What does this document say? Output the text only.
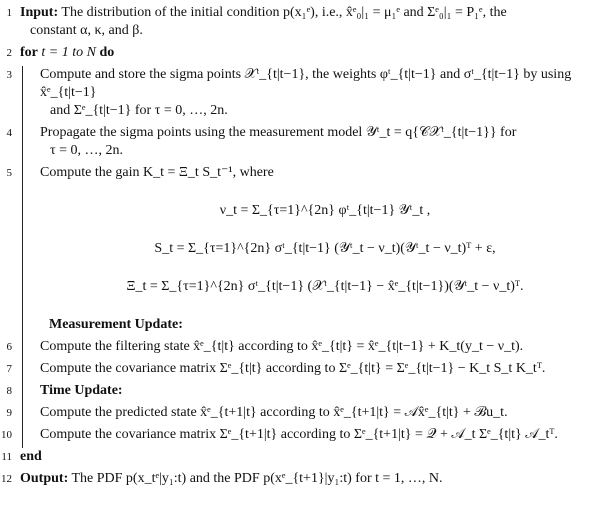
1 Input: The distribution of the initial condition p(x₁ᵉ), i.e., x̂ᵉ₀|₁ = μ₁ᵉ and Σᵉ₀|₁ = P₁ᵉ, the
constant α, κ, and β.
2 for t = 1 to N do
3	Compute and store the sigma points 𝒳ᵗ_{t|t−1}, the weights φᵗ_{t|t−1} and σᵗ_{t|t−1} by using x̂ᵉ_{t|t−1}
and Σᵉ_{t|t−1} for τ = 0, …, 2n.
4	Propagate the sigma points using the measurement model 𝒴ᵗ_t = q{𝒞𝒳ᵗ_{t|t−1}} for
τ = 0, …, 2n.
5	Compute the gain K_t = Ξ_t S_t⁻¹, where
ν_t = Σ_{τ=1}^{2n} φᵗ_{t|t−1} 𝒴ᵗ_t ,
S_t = Σ_{τ=1}^{2n} σᵗ_{t|t−1} (𝒴ᵗ_t − ν_t)(𝒴ᵗ_t − ν_t)ᵀ + ε,
Ξ_t = Σ_{τ=1}^{2n} σᵗ_{t|t−1} (𝒳ᵗ_{t|t−1} − x̂ᵉ_{t|t−1})(𝒴ᵗ_t − ν_t)ᵀ.
Measurement Update:
6	Compute the filtering state x̂ᵉ_{t|t} according to x̂ᵉ_{t|t} = x̂ᵉ_{t|t−1} + K_t(y_t − ν_t).
7	Compute the covariance matrix Σᵉ_{t|t} according to Σᵉ_{t|t} = Σᵉ_{t|t−1} − K_t S_t K_tᵀ.
8	Time Update:
9	Compute the predicted state x̂ᵉ_{t+1|t} according to x̂ᵉ_{t+1|t} = 𝒜x̂ᵉ_{t|t} + ℬu_t.
10	Compute the covariance matrix Σᵉ_{t+1|t} according to Σᵉ_{t+1|t} = 𝒬 + 𝒜_t Σᵉ_{t|t} 𝒜_tᵀ.
11 end
12 Output: The PDF p(x_tᵉ|y₁:t) and the PDF p(xᵉ_{t+1}|y₁:t) for t = 1, …, N.
